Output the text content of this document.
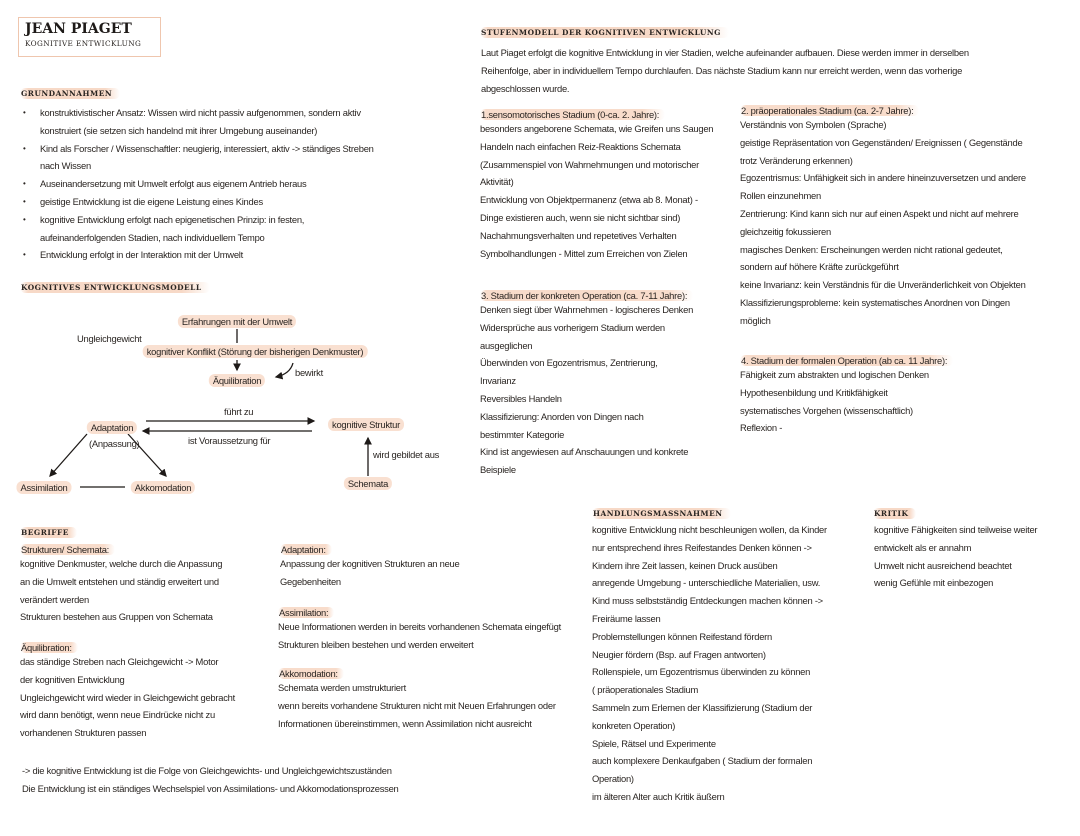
JEAN PIAGET
KOGNITIVE ENTWICKLUNG
GRUNDANNAHMEN
• konstruktivistischer Ansatz: Wissen wird nicht passiv aufgenommen, sondern aktiv
konstruiert (sie setzen sich handelnd mit ihrer Umgebung auseinander)
• Kind als Forscher / Wissenschaftler: neugierig, interessiert, aktiv -> ständiges Streben
nach Wissen
• Auseinandersetzung mit Umwelt erfolgt aus eigenem Antrieb heraus
• geistige Entwicklung ist die eigene Leistung eines Kindes
• kognitive Entwicklung erfolgt nach epigenetischen Prinzip: in festen,
aufeinanderfolgenden Stadien, nach individuellem Tempo
• Entwicklung erfolgt in der Interaktion mit der Umwelt
KOGNITIVES ENTWICKLUNGSMODELL
Erfahrungen mit der Umwelt
Ungleichgewicht
kognitiver Konflikt (Störung der bisherigen Denkmuster)
Äquilibration
bewirkt
führt zu
Adaptation
(Anpassung)
kognitive Struktur
ist Voraussetzung für
wird gebildet aus
Schemata
Assimilation	Akkomodation
STUFENMODELL DER KOGNITIVEN ENTWICKLUNG
Laut Piaget erfolgt die kognitive Entwicklung in vier Stadien, welche aufeinander aufbauen. Diese werden immer in derselben
Reihenfolge, aber in individuellem Tempo durchlaufen. Das nächste Stadium kann nur erreicht werden, wenn das vorherige
abgeschlossen wurde.
1.sensomotorisches Stadium (0-ca. 2. Jahre):
besonders angeborene Schemata, wie Greifen uns Saugen
Handeln nach einfachen Reiz-Reaktions Schemata
(Zusammenspiel von Wahrnehmungen und motorischer
Aktivität)
Entwicklung von Objektpermanenz (etwa ab 8. Monat) -
Dinge existieren auch, wenn sie nicht sichtbar sind)
Nachahmungsverhalten und repetetives Verhalten
Symbolhandlungen - Mittel zum Erreichen von Zielen
2. präoperationales Stadium (ca. 2-7 Jahre):
Verständnis von Symbolen (Sprache)
geistige Repräsentation von Gegenständen/ Ereignissen ( Gegenstände
trotz Veränderung erkennen)
Egozentrismus: Unfähigkeit sich in andere hineinzuversetzen und andere
Rollen einzunehmen
Zentrierung: Kind kann sich nur auf einen Aspekt und nicht auf mehrere
gleichzeitig fokussieren
magisches Denken: Erscheinungen werden nicht rational gedeutet,
sondern auf höhere Kräfte zurückgeführt
keine Invarianz: kein Verständnis für die Unveränderlichkeit von Objekten
Klassifizierungsprobleme: kein systematisches Anordnen von Dingen
möglich
3. Stadium der konkreten Operation (ca. 7-11 Jahre):
Denken siegt über Wahrnehmen - logischeres Denken
Widersprüche aus vorherigem Stadium werden
ausgeglichen
Überwinden von Egozentrismus, Zentrierung,
Invarianz
Reversibles Handeln
Klassifizierung: Anorden von Dingen nach
bestimmter Kategorie
Kind ist angewiesen auf Anschauungen und konkrete
Beispiele
4. Stadium der formalen Operation (ab ca. 11 Jahre):
Fähigkeit zum abstrakten und logischen Denken
Hypothesenbildung und Kritikfähigkeit
systematisches Vorgehen (wissenschaftlich)
Reflexion -
BEGRIFFE
Strukturen/ Schemata:
kognitive Denkmuster, welche durch die Anpassung
an die Umwelt entstehen und ständig erweitert und
verändert werden
Strukturen bestehen aus Gruppen von Schemata
Äquilibration:
das ständige Streben nach Gleichgewicht -> Motor
der kognitiven Entwicklung
Ungleichgewicht wird wieder in Gleichgewicht gebracht
wird dann benötigt, wenn neue Eindrücke nicht zu
vorhandenen Strukturen passen
Adaptation:
Anpassung der kognitiven Strukturen an neue
Gegebenheiten
Assimilation:
Neue Informationen werden in bereits vorhandenen Schemata eingefügt
Strukturen bleiben bestehen und werden erweitert
Akkomodation:
Schemata werden umstrukturiert
wenn bereits vorhandene Strukturen nicht mit Neuen Erfahrungen oder
Informationen übereinstimmen, wenn Assimilation nicht ausreicht
-> die kognitive Entwicklung ist die Folge von Gleichgewichts- und Ungleichgewichtszuständen
Die Entwicklung ist ein ständiges Wechselspiel von Assimilations- und Akkomodationsprozessen
HANDLUNGSMASSNAHMEN
kognitive Entwicklung nicht beschleunigen wollen, da Kinder
nur entsprechend ihres Reifestandes Denken können ->
Kindern ihre Zeit lassen, keinen Druck ausüben
anregende Umgebung - unterschiedliche Materialien, usw.
Kind muss selbstständig Entdeckungen machen können ->
Freiräume lassen
Problemstellungen können Reifestand fördern
Neugier fördern (Bsp. auf Fragen antworten)
Rollenspiele, um Egozentrismus überwinden zu können
( präoperationales Stadium
Sammeln zum Erlernen der Klassifizierung (Stadium der
konkreten Operation)
Spiele, Rätsel und Experimente
auch komplexere Denkaufgaben ( Stadium der formalen
Operation)
im älteren Alter auch Kritik äußern
KRITIK
kognitive Fähigkeiten sind teilweise weiter
entwickelt als er annahm
Umwelt nicht ausreichend beachtet
wenig Gefühle mit einbezogen
